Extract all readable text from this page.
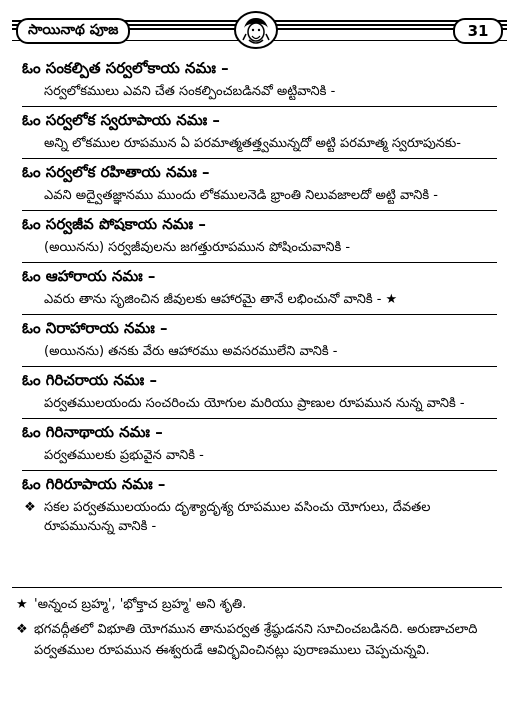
సాయినాథ పూజ	31
ఓం సంకల్పిత సర్వలోకాయ నమః –
సర్వలోకములు ఎవని చేత సంకల్పించబడినవో అట్టివానికి -
ఓం సర్వలోక స్వరూపాయ నమః –
అన్ని లోకముల రూపమున ఏ పరమాత్మతత్త్వమున్నదో అట్టి పరమాత్మ స్వరూపునకు-
ఓం సర్వలోక రహితాయ నమః –
ఎవని అద్వైతజ్ఞానము ముందు లోకములనెడి భ్రాంతి నిలువజాలదో అట్టి వానికి -
ఓం సర్వజీవ పోషకాయ నమః –
(అయినను) సర్వజీవులను జగత్తురూపమున పోషించువానికి -
ఓం ఆహారాయ నమః –
ఎవరు తాను సృజించిన జీవులకు ఆహారమై తానే లభించునో వానికి - ★
ఓం నిరాహారాయ నమః –
(అయినను) తనకు వేరు ఆహారము అవసరములేని వానికి -
ఓం గిరిచరాయ నమః –
పర్వతములయందు సంచరించు యోగుల మరియు ప్రాణుల రూపమున నున్న వానికి -
ఓం గిరినాథాయ నమః –
పర్వతములకు ప్రభువైన వానికి -
ఓం గిరిరూపాయ నమః –
❖ సకల పర్వతములయందు దృశ్యాదృశ్య రూపముల వసించు యోగులు, దేవతల రూపమునున్న వానికి -
★ 'అన్నంచ బ్రహ్మ', 'భోక్తాచ బ్రహ్మ' అని శృతి.
❖ భగవద్గీతలో విభూతి యోగమున తానుపర్వత శ్రేష్ఠుడనని సూచించబడినది. అరుణాచలాది పర్వతముల రూపమున ఈశ్వరుడే ఆవిర్భవించినట్లు పురాణములు చెప్పచున్నవి.
